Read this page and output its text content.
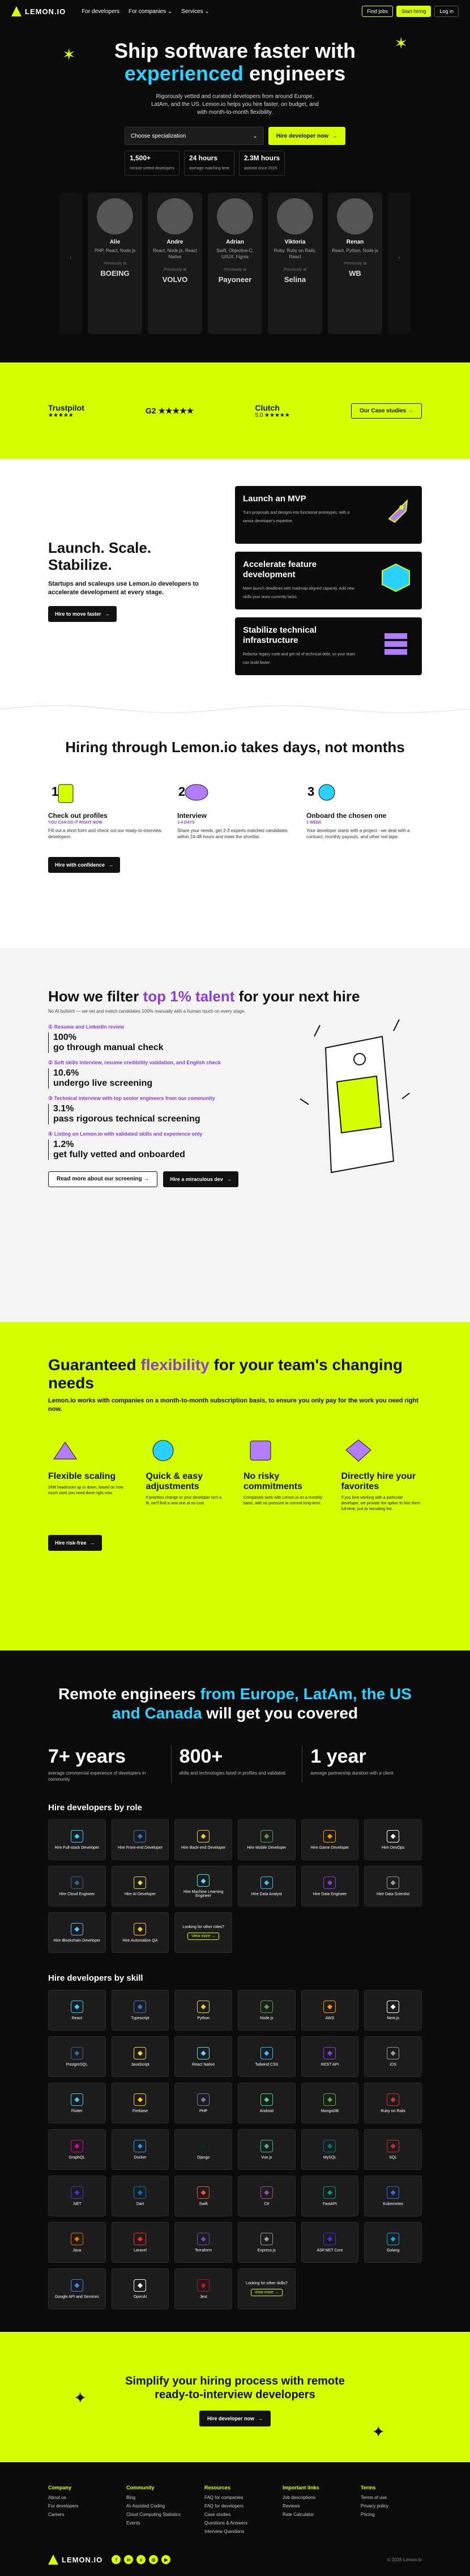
LEMON.IO	For developers For companies ⌄ Services ⌄	Find jobs	Start hiring	Log in
✶
✶
Ship software faster with
experienced engineers

Rigorously vetted and curated developers from around Europe, LatAm, and the US. Lemon.io helps you hire faster, on budget, and with month-to-month flexibility.

Choose specialization	⌄	Hire developer now →
1,500+
remote vetted developers
24 hours
average matching time
2.3M hours
worked since 2015
‹
Alie
PHP, React, Node.js
Previously at
BOEING
Andre
React, Node.js, React Native
Previously at
VOLVO
Adrian
Swift, Objective-C, UI/UX, Figma
Previously at
Payoneer
Viktoria
Ruby, Ruby on Rails, React
Previously at
Selina
Renan
React, Python, Node.js
Previously at
WB
›
Trustpilot
★★★★★
G2 ★★★★★	Clutch
5.0 ★★★★★
Our Case studies →
Launch. Scale. Stabilize.

Startups and scaleups use Lemon.io developers to accelerate development at every stage.

Hire to move faster →
Launch an MVP

Turn proposals and designs into functional prototypes, with a senior developer's expertise.

Accelerate feature development

Meet launch deadlines with roadmap-aligned capacity. Add new skills your team currently lacks.

Stabilize technical infrastructure

Refactor legacy code and get rid of technical debt, so your team can build faster.

Hiring through Lemon.io takes days, not months
1
Check out profiles
YOU CAN DO IT RIGHT NOW

Fill out a short form and check out our ready-to-interview developers.

2
Interview
1-4 DAYS

Share your needs, get 2-3 experts matched candidates within 24-48 hours and meet the shortlist.

3
Onboard the chosen one
1 WEEK

Your developer starts with a project - we deal with a contract, monthly payouts, and other red tape.

Hire with confidence →
How we filter top 1% talent for your next hire
No AI bullsh!t — we vet and match candidates 100% manually with a human touch on every stage.
① Resume and LinkedIn review
100%
go through manual check
② Soft skills interview, resume credibility validation, and English check
10.6%
undergo live screening
③ Technical interview with top senior engineers from our community
3.1%
pass rigorous technical screening
④ Listing on Lemon.io with validated skills and experience only
1.2%
get fully vetted and onboarded
Read more about our screening →	Hire a miraculous dev →
Guaranteed flexibility for your team's changing needs
Lemon.io works with companies on a month-to-month subscription basis, to ensure you only pay for the work you need right now.
Flexible scaling

Shift headcount up or down, based on how much work you need done right now.

Quick & easy adjustments

If priorities change or your developer isn't a fit, we'll find a new one at no cost.

No risky commitments

Companies work with Lemon.io on a monthly basis, with no pressure to commit long-term.

Directly hire your favorites

If you love working with a particular developer, we provide the option to hire them full-time, just to recruiting fee.

Hire risk-free →
Remote engineers from Europe, LatAm, the US and Canada will get you covered
7+ years

average commercial experience of developers in community

800+

skills and technologies listed in profiles and validated

1 year

average partnership duration with a client

Hire developers by role
◆
Hire Full-stack Developer
◆
Hire Front-end Developer
◆
Hire Back-end Developer
◆
Hire Mobile Developer
◆
Hire Game Developer
◆
Hire DevOps
◆
Hire Cloud Engineer
◆
Hire AI Developer
◆
Hire Machine Learning Engineer
◆
Hire Data Analyst
◆
Hire Data Engineer
◆
Hire Data Scientist
◆
Hire Blockchain Developer
◆
Hire Automation QA
Looking for other roles?
View more →
Hire developers by skill
◆
React
◆
Typescript
◆
Python
◆
Node.js
◆
AWS
◆
Next.js
◆
PostgreSQL
◆
JavaScript
◆
React Native
◆
Tailwind CSS
◆
REST API
◆
iOS
◆
Flutter
◆
Firebase
◆
PHP
◆
Android
◆
MongoDB
◆
Ruby on Rails
◆
GraphQL
◆
Docker
◆
Django
◆
Vue.js
◆
MySQL
◆
SQL
◆
.NET
◆
Dart
◆
Swift
◆
C#
◆
FastAPI
◆
Kubernetes
◆
Java
◆
Laravel
◆
Terraform
◆
Express.js
◆
ASP.NET Core
◆
Golang
◆
Google API and Services
◆
OpenAI
◆
Jest
Looking for other skills?
View more →
✦
✦
Simplify your hiring process with remote ready-to-interview developers
Hire developer now →
Company
About us
For developers
Careers
Community
Blog
AI-Assisted Coding
Cloud Computing Statistics
Events
Resources
FAQ for companies
FAQ for developers
Case studies
Questions & Answers
Interview Questions
Important links
Job descriptions
Reviews
Rate Calculator
Terms
Terms of use
Privacy policy
Pricing
LEMON.IO	f	in	x	◎	▶	© 2025 Lemon.io
